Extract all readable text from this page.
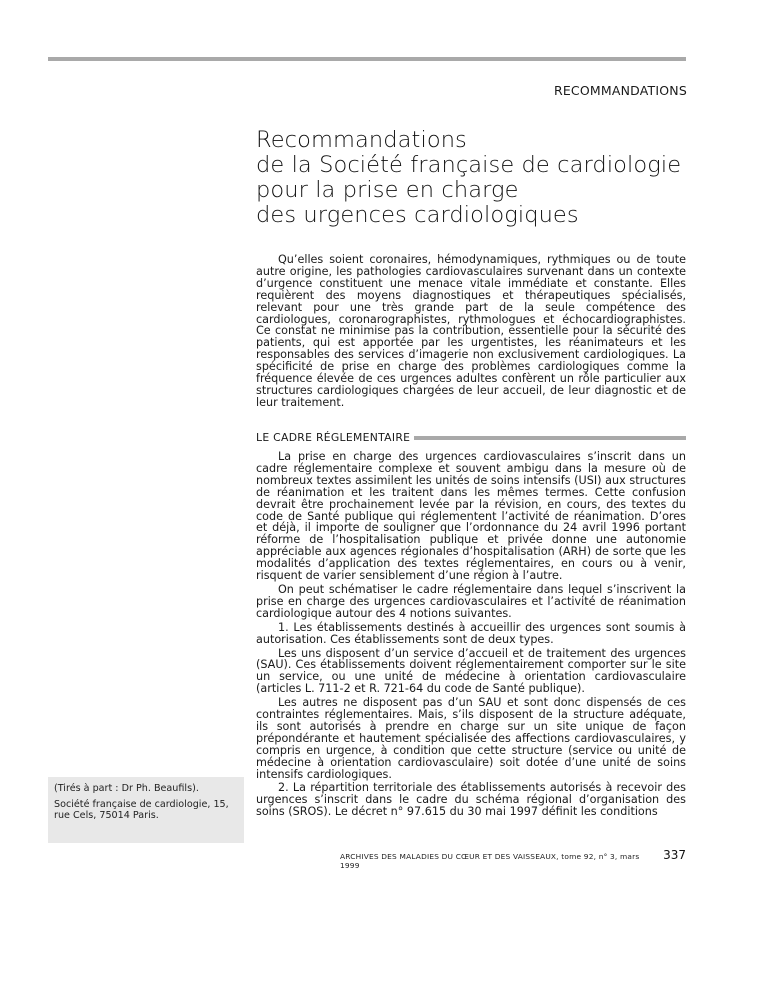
RECOMMANDATIONS
Recommandations
de la Société française de cardiologie
pour la prise en charge
des urgences cardiologiques

Qu’elles soient coronaires, hémodynamiques, rythmiques ou de toute autre origine, les pathologies cardiovasculaires survenant dans un contexte d’urgence constituent une menace vitale immédiate et constante. Elles requièrent des moyens diagnostiques et thérapeutiques spécialisés, relevant pour une très grande part de la seule compétence des cardiologues, coronarographistes, rythmologues et échocardiographistes. Ce constat ne minimise pas la contribution, essentielle pour la sécurité des patients, qui est apportée par les urgentistes, les réanimateurs et les responsables des services d’imagerie non exclusivement cardiologiques. La spécificité de prise en charge des problèmes cardiologiques comme la fréquence élevée de ces urgences adultes confèrent un rôle particulier aux structures cardiologiques chargées de leur accueil, de leur diagnostic et de leur traitement.

LE CADRE RÉGLEMENTAIRE

La prise en charge des urgences cardiovasculaires s’inscrit dans un cadre réglementaire complexe et souvent ambigu dans la mesure où de nombreux textes assimilent les unités de soins intensifs (USI) aux structures de réanimation et les traitent dans les mêmes termes. Cette confusion devrait être prochainement levée par la révision, en cours, des textes du code de Santé publique qui réglementent l’activité de réanimation. D’ores et déjà, il importe de souligner que l’ordonnance du 24 avril 1996 portant réforme de l’hospitalisation publique et privée donne une autonomie appréciable aux agences régionales d’hospitalisation (ARH) de sorte que les modalités d’application des textes réglementaires, en cours ou à venir, risquent de varier sensiblement d’une région à l’autre.

On peut schématiser le cadre réglementaire dans lequel s’inscrivent la prise en charge des urgences cardiovasculaires et l’activité de réanimation cardiologique autour des 4 notions suivantes.

1. Les établissements destinés à accueillir des urgences sont soumis à autorisation. Ces établissements sont de deux types.

Les uns disposent d’un service d’accueil et de traitement des urgences (SAU). Ces établissements doivent réglementairement comporter sur le site un service, ou une unité de médecine à orientation cardiovasculaire (articles L. 711-2 et R. 721-64 du code de Santé publique).

Les autres ne disposent pas d’un SAU et sont donc dispensés de ces contraintes réglementaires. Mais, s’ils disposent de la structure adéquate, ils sont autorisés à prendre en charge sur un site unique de façon prépondérante et hautement spécialisée des affections cardiovasculaires, y compris en urgence, à condition que cette structure (service ou unité de médecine à orientation cardiovasculaire) soit dotée d’une unité de soins intensifs cardiologiques.

2. La répartition territoriale des établissements autorisés à recevoir des urgences s’inscrit dans le cadre du schéma régional d’organisation des soins (SROS). Le décret n° 97.615 du 30 mai 1997 définit les conditions

(Tirés à part : Dr Ph. Beaufils).

Société française de cardiologie, 15, rue Cels, 75014 Paris.

ARCHIVES DES MALADIES DU CŒUR ET DES VAISSEAUX, tome 92, n° 3, mars 1999
337
